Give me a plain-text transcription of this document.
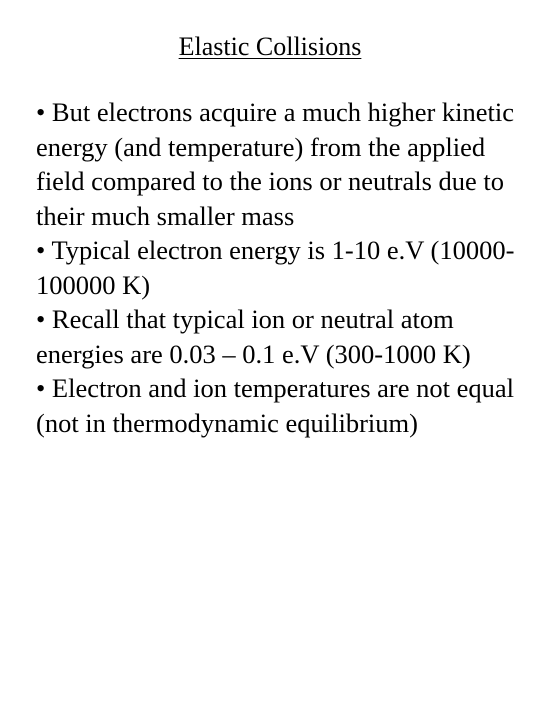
Elastic Collisions

• But electrons acquire a much higher kinetic energy (and temperature) from the applied field compared to the ions or neutrals due to their much smaller mass

• Typical electron energy is 1-10 e.V (10000-100000 K)

• Recall that typical ion or neutral atom energies are 0.03 – 0.1 e.V (300-1000 K)

• Electron and ion temperatures are not equal (not in thermodynamic equilibrium)
